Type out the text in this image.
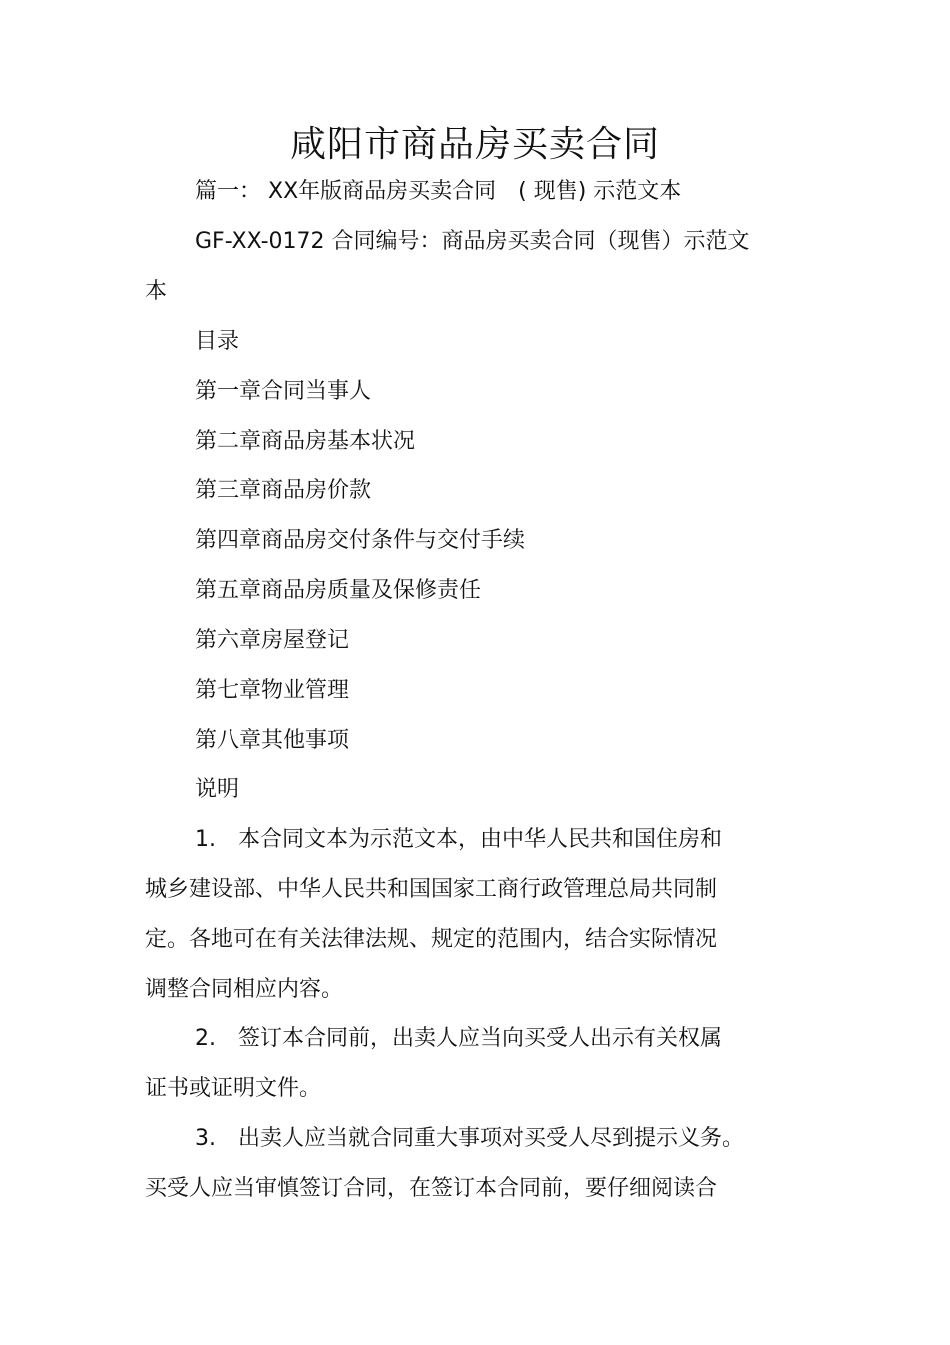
咸阳市商品房买卖合同
篇一： XX年版商品房买卖合同　( 现售) 示范文本
GF-XX-0172 合同编号：商品房买卖合同（现售）示范文
本
目录
第一章合同当事人
第二章商品房基本状况
第三章商品房价款
第四章商品房交付条件与交付手续
第五章商品房质量及保修责任
第六章房屋登记
第七章物业管理
第八章其他事项
说明
1.　本合同文本为示范文本，由中华人民共和国住房和
城乡建设部、中华人民共和国国家工商行政管理总局共同制
定。各地可在有关法律法规、规定的范围内，结合实际情况
调整合同相应内容。
2.　签订本合同前，出卖人应当向买受人出示有关权属
证书或证明文件。
3.　出卖人应当就合同重大事项对买受人尽到提示义务。
买受人应当审慎签订合同，在签订本合同前，要仔细阅读合
